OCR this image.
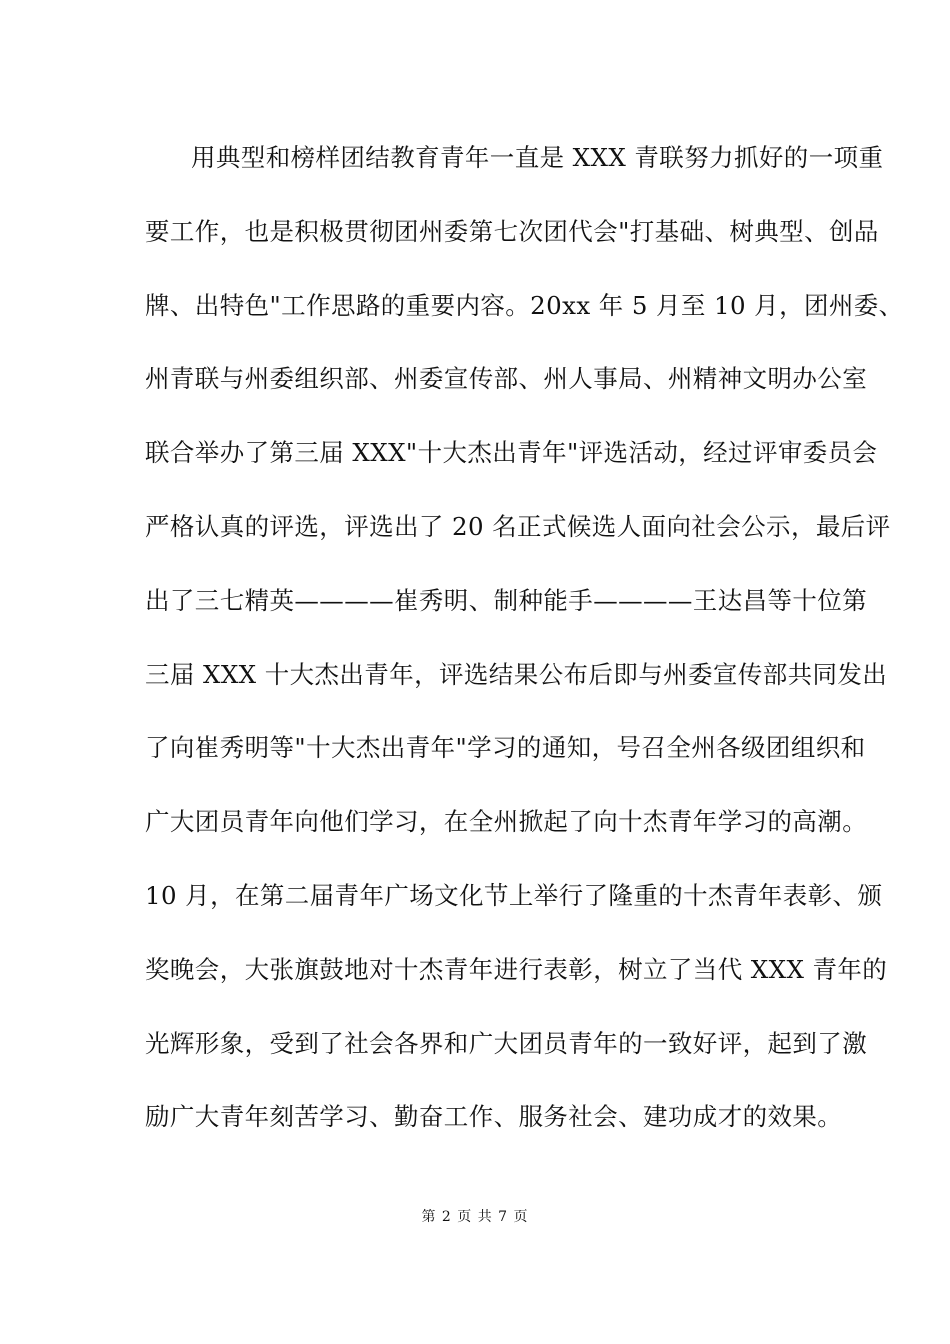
用典型和榜样团结教育青年一直是 XXX 青联努力抓好的一项重
要工作，也是积极贯彻团州委第七次团代会"打基础、树典型、创品
牌、出特色"工作思路的重要内容。20xx 年 5 月至 10 月，团州委、
州青联与州委组织部、州委宣传部、州人事局、州精神文明办公室
联合举办了第三届 XXX"十大杰出青年"评选活动，经过评审委员会
严格认真的评选，评选出了 20 名正式候选人面向社会公示，最后评
出了三七精英————崔秀明、制种能手————王达昌等十位第
三届 XXX 十大杰出青年，评选结果公布后即与州委宣传部共同发出
了向崔秀明等"十大杰出青年"学习的通知，号召全州各级团组织和
广大团员青年向他们学习，在全州掀起了向十杰青年学习的高潮。
10 月，在第二届青年广场文化节上举行了隆重的十杰青年表彰、颁
奖晚会，大张旗鼓地对十杰青年进行表彰，树立了当代 XXX 青年的
光辉形象，受到了社会各界和广大团员青年的一致好评，起到了激
励广大青年刻苦学习、勤奋工作、服务社会、建功成才的效果。
第 2 页 共 7 页
